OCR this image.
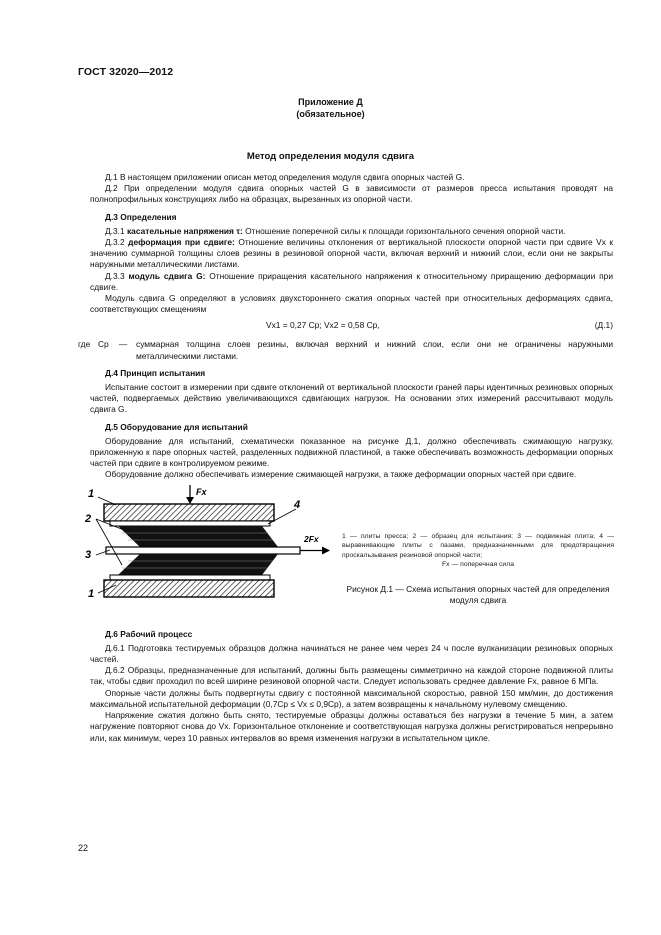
ГОСТ 32020—2012
Приложение Д
(обязательное)
Метод определения модуля сдвига

Д.1 В настоящем приложении описан метод определения модуля сдвига опорных частей G.

Д.2 При определении модуля сдвига опорных частей G в зависимости от размеров пресса испытания проводят на полнопрофильных конструкциях либо на образцах, вырезанных из опорной части.

Д.3 Определения

Д.3.1 касательные напряжения τ: Отношение поперечной силы к площади горизонтального сечения опорной части.

Д.3.2 деформация при сдвиге: Отношение величины отклонения от вертикальной плоскости опорной части при сдвиге Vx к значению суммарной толщины слоев резины в резиновой опорной части, включая верхний и нижний слои, если они не закрыты наружными металлическими листами.

Д.3.3 модуль сдвига G: Отношение приращения касательного напряжения к относительному приращению деформации при сдвиге.

Модуль сдвига G определяют в условиях двухстороннего сжатия опорных частей при относительных деформациях сдвига, соответствующих смещениям

Vx1 = 0,27 Cp; Vx2 = 0,58 Cp,	(Д.1)

где Cp	—	суммарная толщина слоев резины, включая верхний и нижний слои, если они не ограничены наружными металлическими листами.

Д.4 Принцип испытания

Испытание состоит в измерении при сдвиге отклонений от вертикальной плоскости граней пары идентичных резиновых опорных частей, подвергаемых действию увеличивающихся сдвигающих нагрузок. На основании этих измерений рассчитывают модуль сдвига G.

Д.5 Оборудование для испытаний

Оборудование для испытаний, схематически показанное на рисунке Д.1, должно обеспечивать сжимающую нагрузку, приложенную к паре опорных частей, разделенных подвижной пластиной, а также обеспечивать возможность деформации опорных частей при сдвиге в контролируемом режиме.

Оборудование должно обеспечивать измерение сжимающей нагрузки, а также деформации опорных частей при сдвиге.

Fx
2Fx
1
2
3
4
1
1 — плиты пресса; 2 — образец для испытания; 3 — подвижная плита; 4 — выравнивающие плиты с пазами, предназначенными для предотвращения проскальзывания резиновой опорной части;
Fx — поперечная сила
Рисунок Д.1 — Схема испытания опорных частей для определения модуля сдвига

Д.6 Рабочий процесс

Д.6.1 Подготовка тестируемых образцов должна начинаться не ранее чем через 24 ч после вулканизации резиновых опорных частей.

Д.6.2 Образцы, предназначенные для испытаний, должны быть размещены симметрично на каждой стороне подвижной плиты так, чтобы сдвиг проходил по всей ширине резиновой опорной части. Следует использовать среднее давление Fx, равное 6 МПа.

Опорные части должны быть подвергнуты сдвигу с постоянной максимальной скоростью, равной 150 мм/мин, до достижения максимальной испытательной деформации (0,7Cp ≤ Vx ≤ 0,9Cp), а затем возвращены к начальному нулевому смещению.

Напряжение сжатия должно быть снято, тестируемые образцы должны оставаться без нагрузки в течение 5 мин, а затем нагружение повторяют снова до Vx. Горизонтальное отклонение и соответствующая нагрузка должны регистрироваться непрерывно или, как минимум, через 10 равных интервалов во время изменения нагрузки в испытательном цикле.

22
